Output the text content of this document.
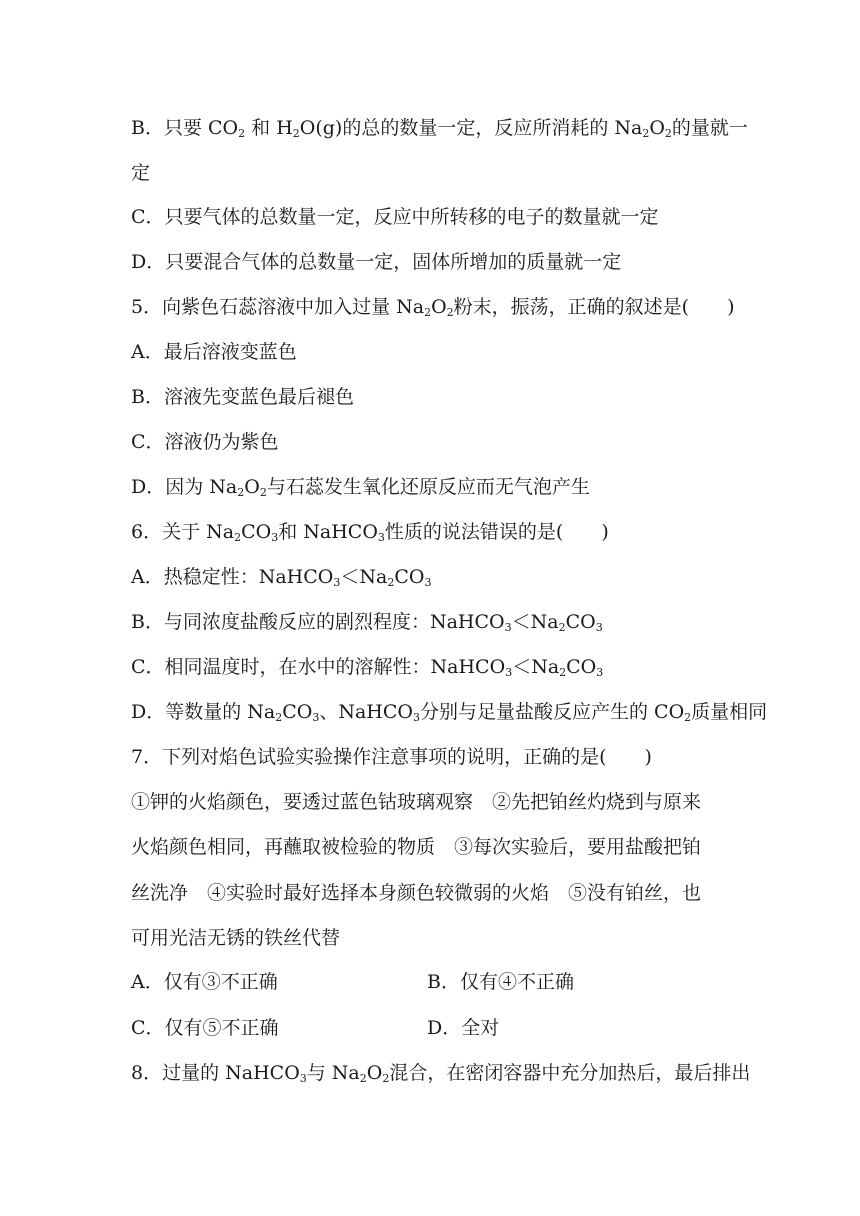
B．只要 $CO_2$ 和 $H_2O(g)$的总的数量一定，反应所消耗的 $Na_2O_2$的量就一
定
C．只要气体的总数量一定，反应中所转移的电子的数量就一定
D．只要混合气体的总数量一定，固体所增加的质量就一定
5．向紫色石蕊溶液中加入过量 $Na_2O_2$粉末，振荡，正确的叙述是(　　)
A．最后溶液变蓝色
B．溶液先变蓝色最后褪色
C．溶液仍为紫色
D．因为 $Na_2O_2$与石蕊发生氧化还原反应而无气泡产生
6．关于 $Na_2CO_3$和 NaHCO$_3$性质的说法错误的是(　　)
A．热稳定性：$NaHCO_3<Na_2CO_3$
B．与同浓度盐酸反应的剧烈程度：$NaHCO_3<Na_2CO_3$
C．相同温度时，在水中的溶解性：$NaHCO_3<Na_2CO_3$
D．等数量的 $Na_2CO_3$、NaHCO$_3$分别与足量盐酸反应产生的 $CO_2$质量相同
7．下列对焰色试验实验操作注意事项的说明，正确的是(　　)
①钾的火焰颜色，要透过蓝色钴玻璃观察　②先把铂丝灼烧到与原来
火焰颜色相同，再蘸取被检验的物质　③每次实验后，要用盐酸把铂
丝洗净　④实验时最好选择本身颜色较微弱的火焰　⑤没有铂丝，也
可用光洁无锈的铁丝代替
A．仅有③不正确	B．仅有④不正确
C．仅有⑤不正确	D．全对
8．过量的 NaHCO$_3$与 $Na_2O_2$混合，在密闭容器中充分加热后，最后排出
